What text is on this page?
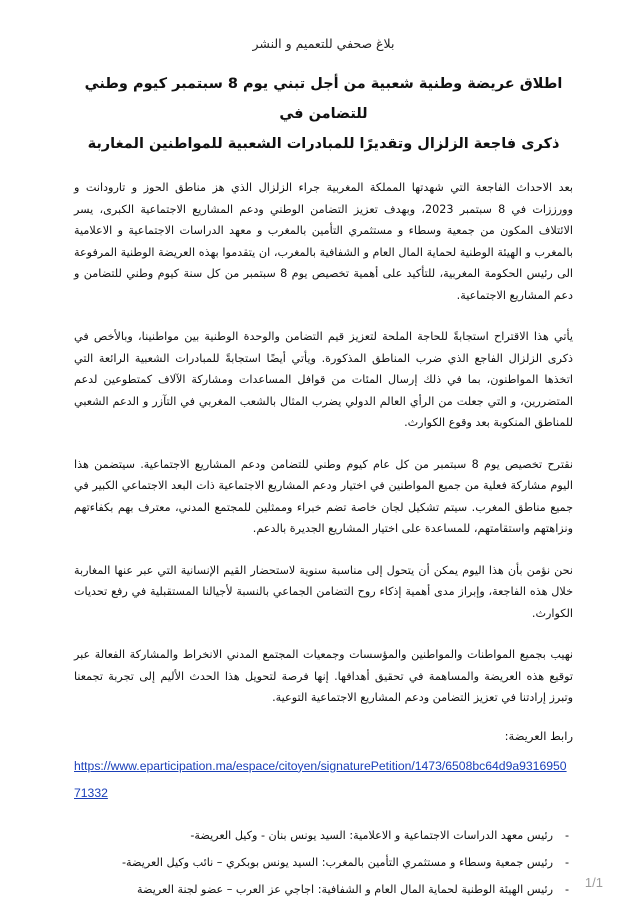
بلاغ صحفي للتعميم و النشر
اطلاق عريضة وطنية شعبية من أجل تبني يوم 8 سبتمبر كيوم وطني للتضامن في
ذكرى فاجعة الزلزال وتقديرًا للمبادرات الشعبية للمواطنين المغاربة

بعد الاحداث الفاجعة التي شهدتها المملكة المغربية جراء الزلزال الذي هز مناطق الحوز و تارودانت و وورززات في 8 سبتمبر 2023، وبهدف تعزيز التضامن الوطني ودعم المشاريع الاجتماعية الكبرى، يسر الائتلاف المكون من جمعية وسطاء و مستثمري التأمين بالمغرب و معهد الدراسات الاجتماعية و الاعلامية بالمغرب و الهيئة الوطنية لحماية المال العام و الشفافية بالمغرب، ان يتقدموا بهذه العريضة الوطنية المرفوعة الى رئيس الحكومة المغربية، للتأكيد على أهمية تخصيص يوم 8 سبتمبر من كل سنة كيوم وطني للتضامن و دعم المشاريع الاجتماعية.

يأتي هذا الاقتراح استجابةً للحاجة الملحة لتعزيز قيم التضامن والوحدة الوطنية بين مواطنينا، وبالأخص في ذكرى الزلزال الفاجع الذي ضرب المناطق المذكورة. ويأتي أيضًا استجابةً للمبادرات الشعبية الرائعة التي اتخذها المواطنون، بما في ذلك إرسال المئات من قوافل المساعدات ومشاركة الآلاف كمتطوعين لدعم المتضررين، و التي جعلت من الرأي العالم الدولي يضرب المثال بالشعب المغربي في التآزر و الدعم الشعبي للمناطق المنكوبة بعد وقوع الكوارث.

نقترح تخصيص يوم 8 سبتمبر من كل عام كيوم وطني للتضامن ودعم المشاريع الاجتماعية. سيتضمن هذا اليوم مشاركة فعلية من جميع المواطنين في اختيار ودعم المشاريع الاجتماعية ذات البعد الاجتماعي الكبير في جميع مناطق المغرب. سيتم تشكيل لجان خاصة تضم خبراء وممثلين للمجتمع المدني، معترف بهم بكفاءتهم ونزاهتهم واستقامتهم، للمساعدة على اختيار المشاريع الجديرة بالدعم.

نحن نؤمن بأن هذا اليوم يمكن أن يتحول إلى مناسبة سنوية لاستحضار القيم الإنسانية التي عبر عنها المغاربة خلال هذه الفاجعة، وإبراز مدى أهمية إذكاء روح التضامن الجماعي بالنسبة لأجيالنا المستقبلية في رفع تحديات الكوارث.

نهيب بجميع المواطنات والمواطنين والمؤسسات وجمعيات المجتمع المدني الانخراط والمشاركة الفعالة عبر توقيع هذه العريضة والمساهمة في تحقيق أهدافها. إنها فرصة لتحويل هذا الحدث الأليم إلى تجربة تجمعنا وتبرز إرادتنا في تعزيز التضامن ودعم المشاريع الاجتماعية التوعية.

رابط العريضة:
https://www.eparticipation.ma/espace/citoyen/signaturePetition/1473/6508bc64d9a931695071332
-
رئيس معهد الدراسات الاجتماعية و الاعلامية: السيد يونس بنان - وكيل العريضة-
-
رئيس جمعية وسطاء و مستثمري التأمين بالمغرب: السيد يونس بوبكري – نائب وكيل العريضة-
-
رئيس الهيئة الوطنية لحماية المال العام و الشفافية: اجاجي عز العرب – عضو لجنة العريضة 1/1
